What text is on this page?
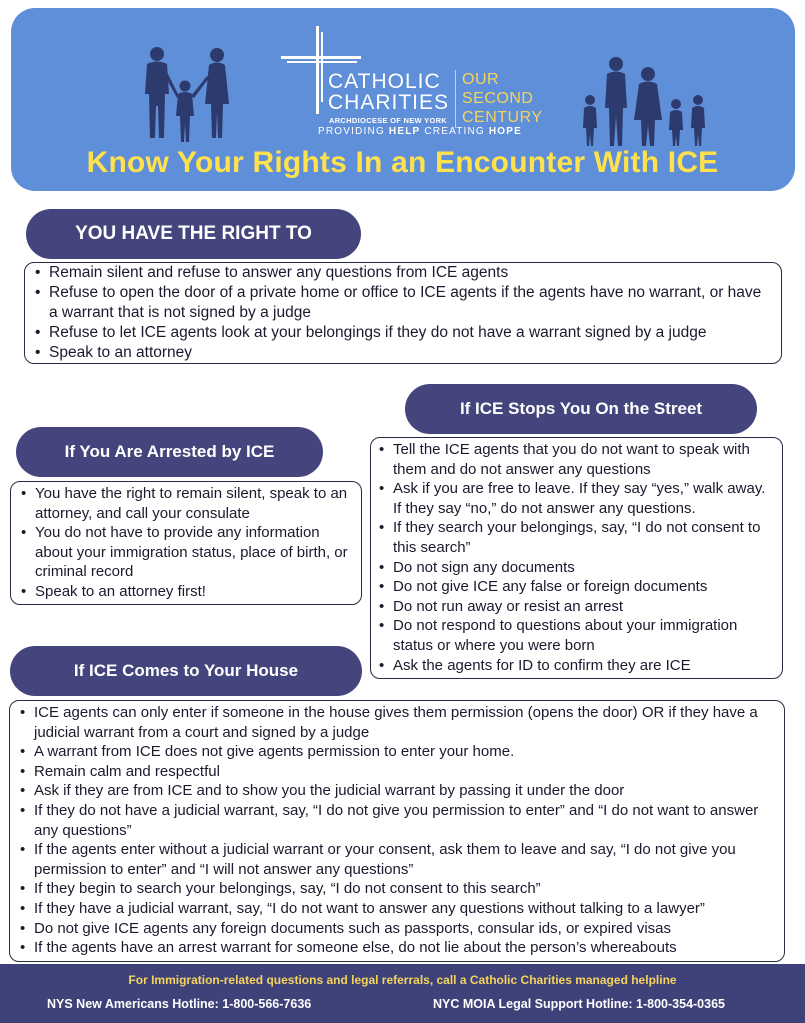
CATHOLIC
CHARITIES
ARCHDIOCESE OF NEW YORK
OUR
SECOND
CENTURY
PROVIDING HELP CREATING HOPE
Know Your Rights In an Encounter With ICE
YOU HAVE THE RIGHT TO
• Remain silent and refuse to answer any questions from ICE agents
• Refuse to open the door of a private home or office to ICE agents if the agents have no warrant, or have a warrant that is not signed by a judge
• Refuse to let ICE agents look at your belongings if they do not have a warrant signed by a judge
• Speak to an attorney
If ICE Stops You On the Street
• Tell the ICE agents that you do not want to speak with them and do not answer any questions
• Ask if you are free to leave. If they say “yes,” walk away. If they say “no,” do not answer any questions.
• If they search your belongings, say, “I do not consent to this search”
• Do not sign any documents
• Do not give ICE any false or foreign documents
• Do not run away or resist an arrest
• Do not respond to questions about your immigration status or where you were born
• Ask the agents for ID to confirm they are ICE
If You Are Arrested by ICE
• You have the right to remain silent, speak to an attorney, and call your consulate
• You do not have to provide any information about your immigration status, place of birth, or criminal record
• Speak to an attorney first!
If ICE Comes to Your House
• ICE agents can only enter if someone in the house gives them permission (opens the door) OR if they have a judicial warrant from a court and signed by a judge
• A warrant from ICE does not give agents permission to enter your home.
• Remain calm and respectful
• Ask if they are from ICE and to show you the judicial warrant by passing it under the door
• If they do not have a judicial warrant, say, “I do not give you permission to enter” and “I do not want to answer any questions”
• If the agents enter without a judicial warrant or your consent, ask them to leave and say, “I do not give you permission to enter” and “I will not answer any questions”
• If they begin to search your belongings, say, “I do not consent to this search”
• If they have a judicial warrant, say, “I do not want to answer any questions without talking to a lawyer”
• Do not give ICE agents any foreign documents such as passports, consular ids, or expired visas
• If the agents have an arrest warrant for someone else, do not lie about the person’s whereabouts
For Immigration-related questions and legal referrals, call a Catholic Charities managed helpline
NYS New Americans Hotline: 1-800-566-7636	NYC MOIA Legal Support Hotline: 1-800-354-0365
